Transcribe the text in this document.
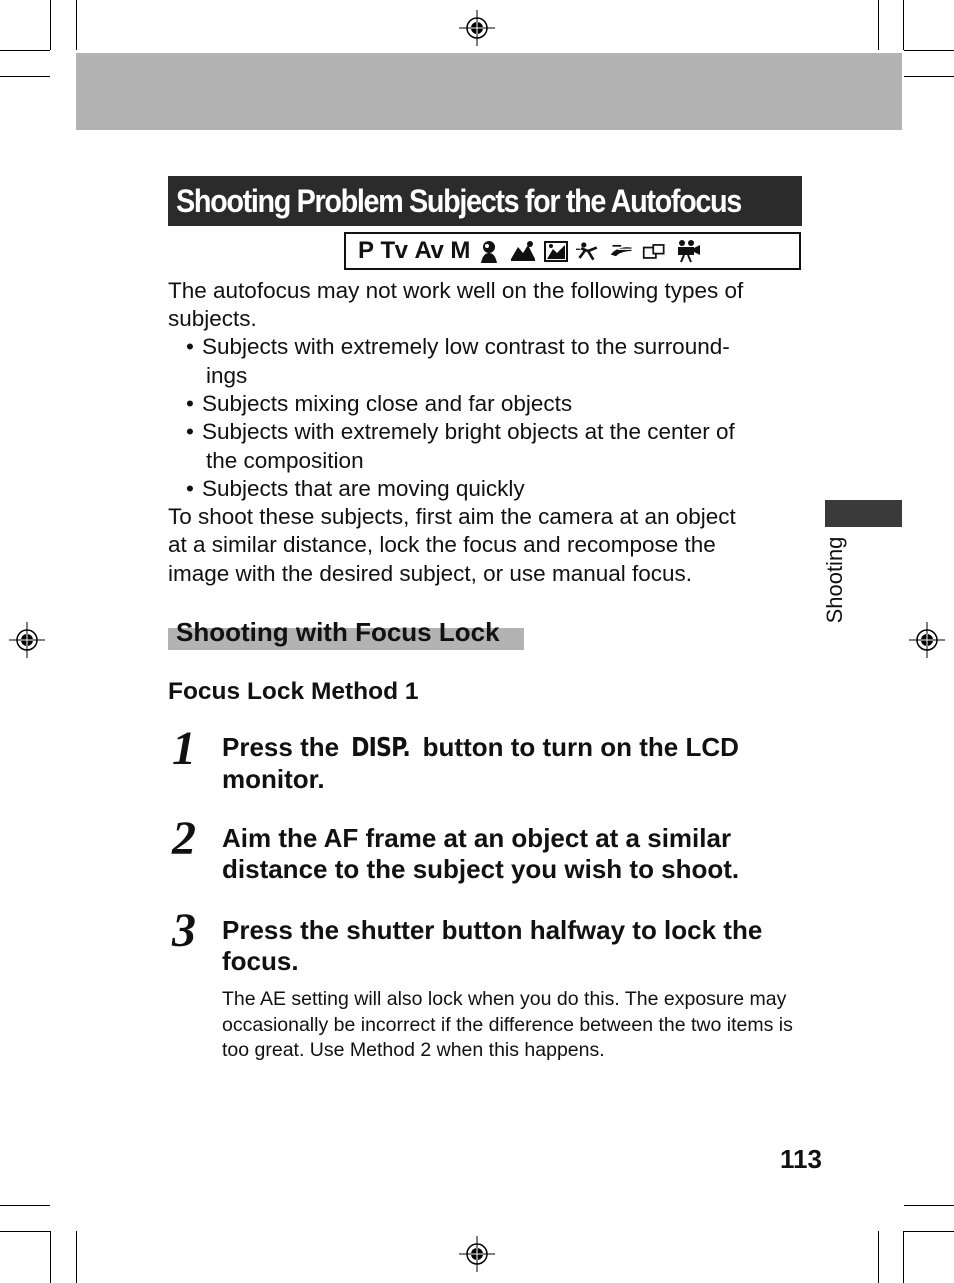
Shooting
Shooting Problem Subjects for the Autofocus
P Tv Av M
The autofocus may not work well on the following types of
subjects.
• Subjects with extremely low contrast to the surround-
ings
• Subjects mixing close and far objects
• Subjects with extremely bright objects at the center of
the composition
• Subjects that are moving quickly
To shoot these subjects, first aim the camera at an object
at a similar distance, lock the focus and recompose the
image with the desired subject, or use manual focus.
Shooting with Focus Lock
Focus Lock Method 1
1 Press the DISP. button to turn on the LCD monitor.
2 Aim the AF frame at an object at a similar distance to the subject you wish to shoot.
3 Press the shutter button halfway to lock the focus.
The AE setting will also lock when you do this. The exposure may occasionally be incorrect if the difference between the two items is too great. Use Method 2 when this happens.
113
